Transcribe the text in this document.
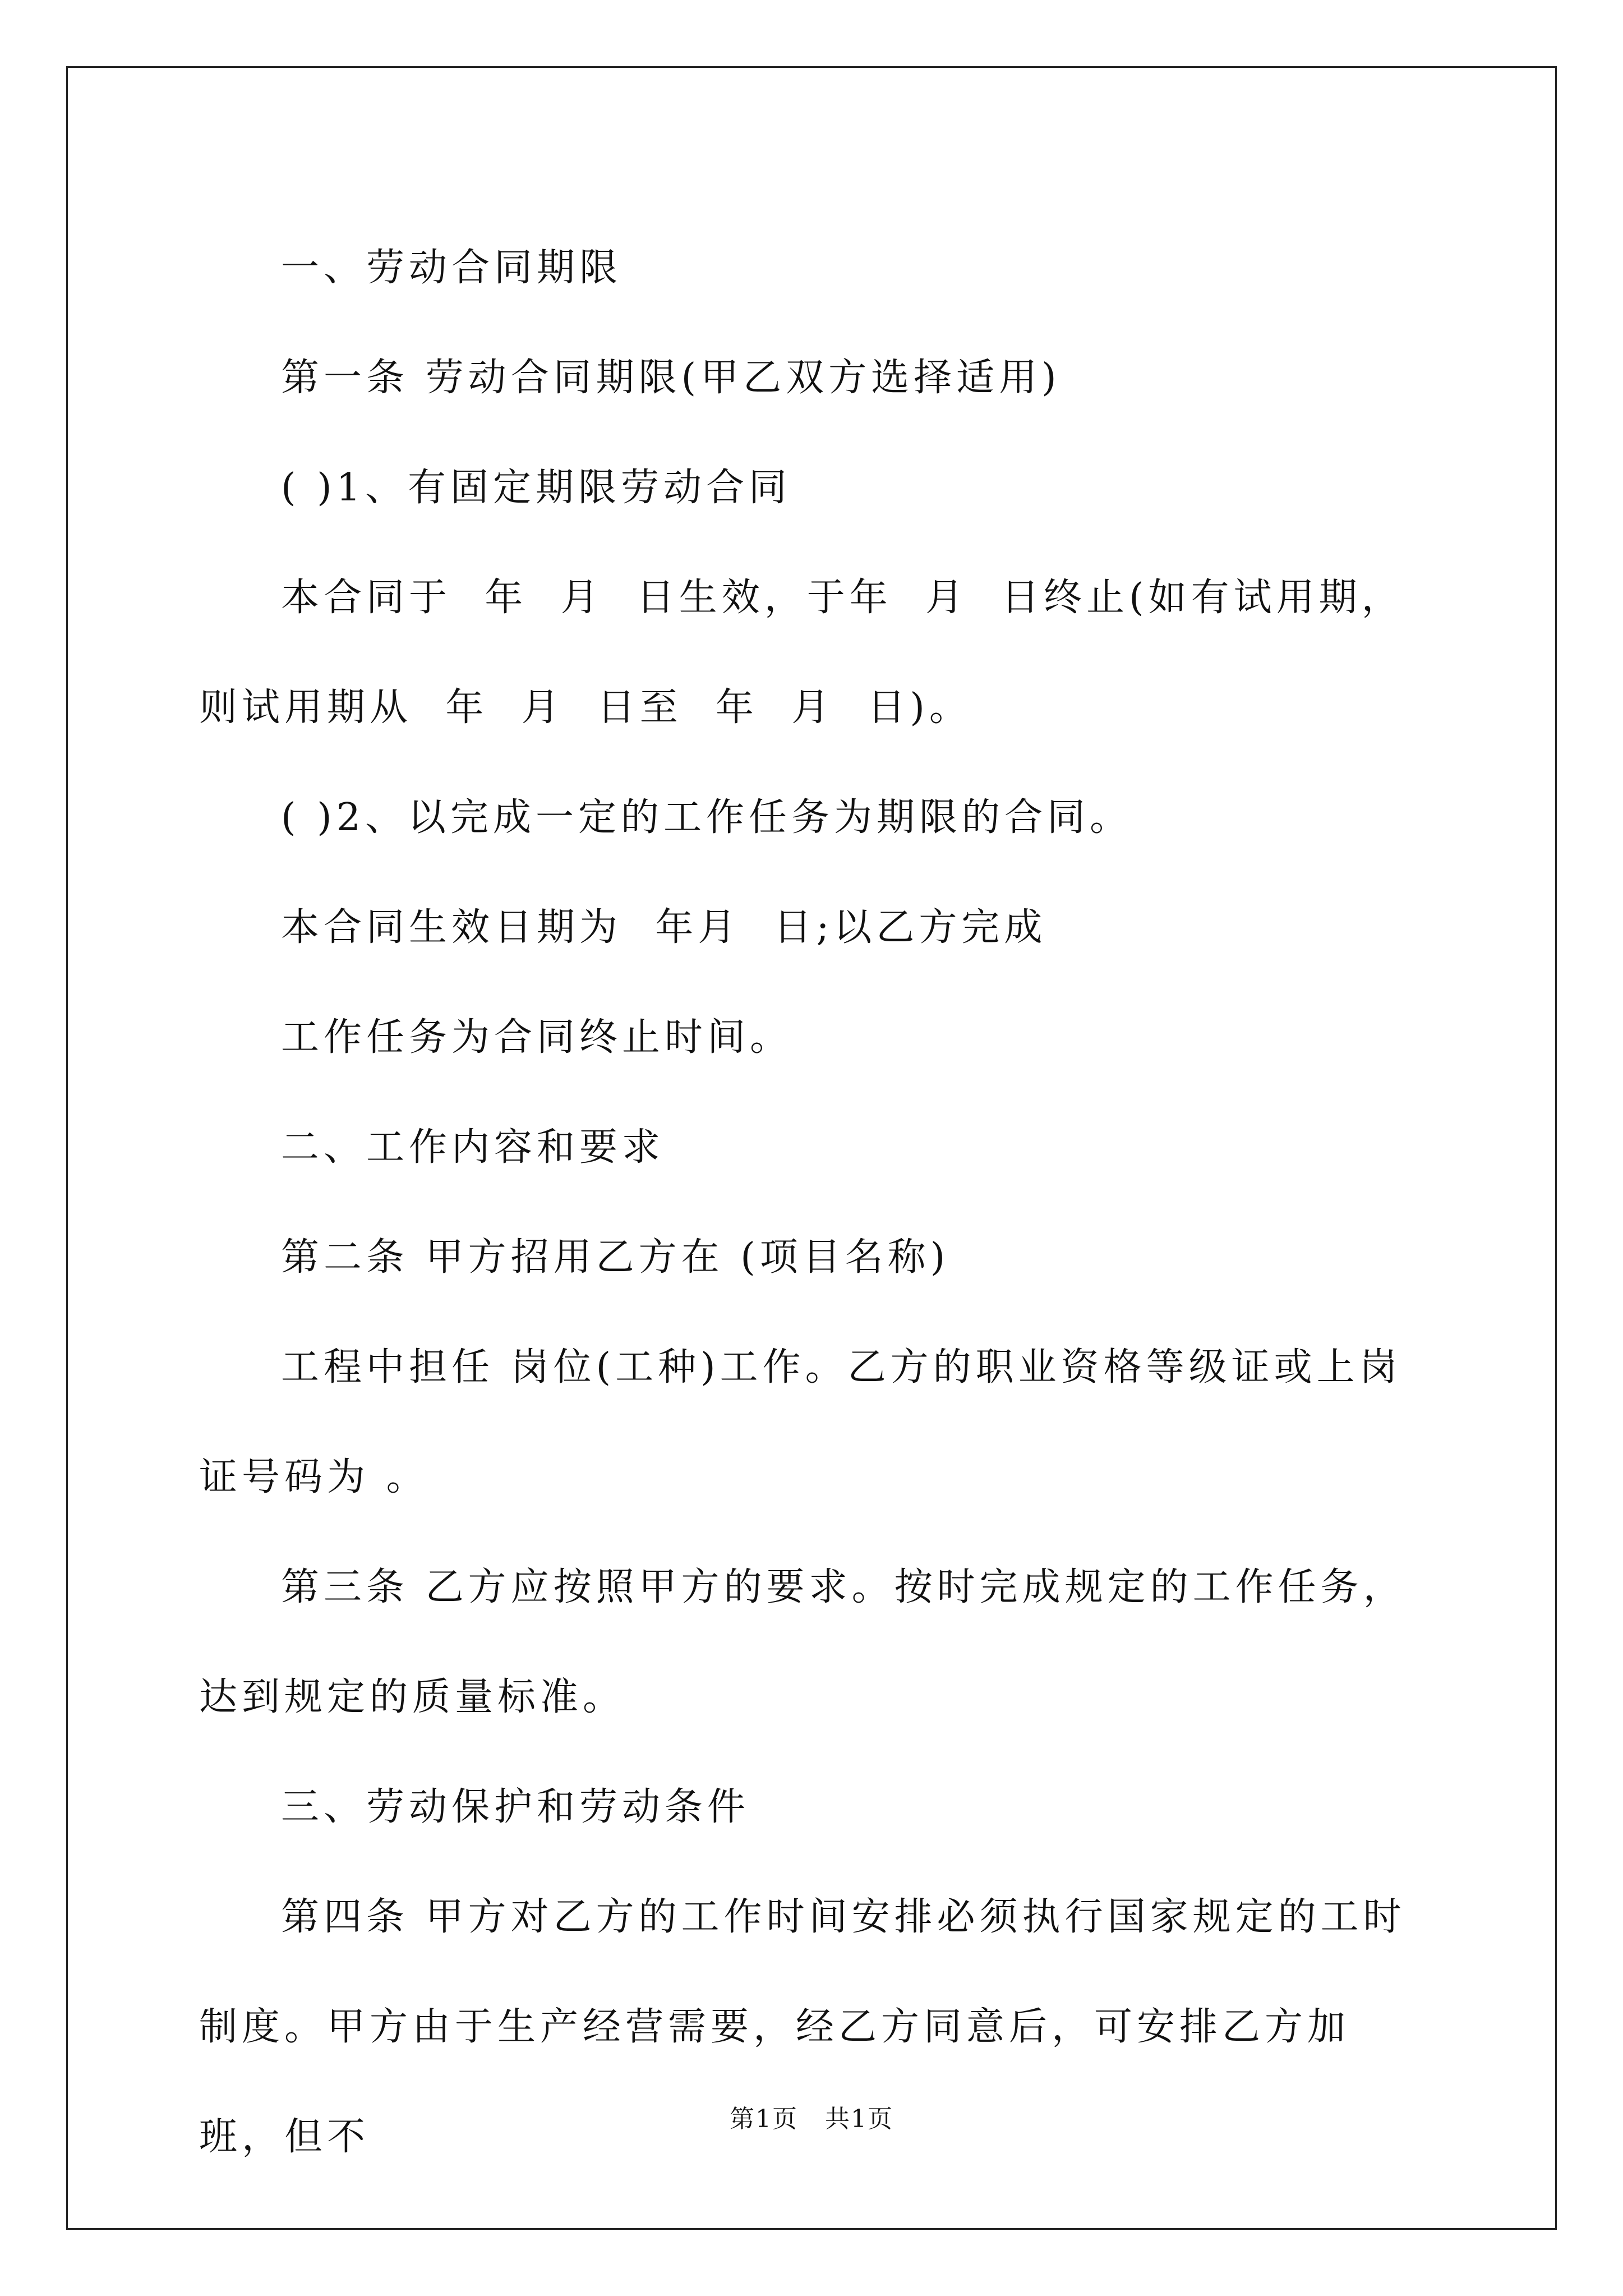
一、劳动合同期限

第一条 劳动合同期限(甲乙双方选择适用)

( )1、有固定期限劳动合同

本合同于  年  月  日生效，于年  月  日终止(如有试用期，则试用期从  年  月  日至  年  月  日)。

( )2、以完成一定的工作任务为期限的合同。

本合同生效日期为  年月  日;以乙方完成

工作任务为合同终止时间。

二、工作内容和要求

第二条 甲方招用乙方在 (项目名称)

工程中担任 岗位(工种)工作。乙方的职业资格等级证或上岗证号码为 。

第三条 乙方应按照甲方的要求。按时完成规定的工作任务，达到规定的质量标准。

三、劳动保护和劳动条件

第四条 甲方对乙方的工作时间安排必须执行国家规定的工时制度。甲方由于生产经营需要，经乙方同意后，可安排乙方加班，但不	第1页   共1页
